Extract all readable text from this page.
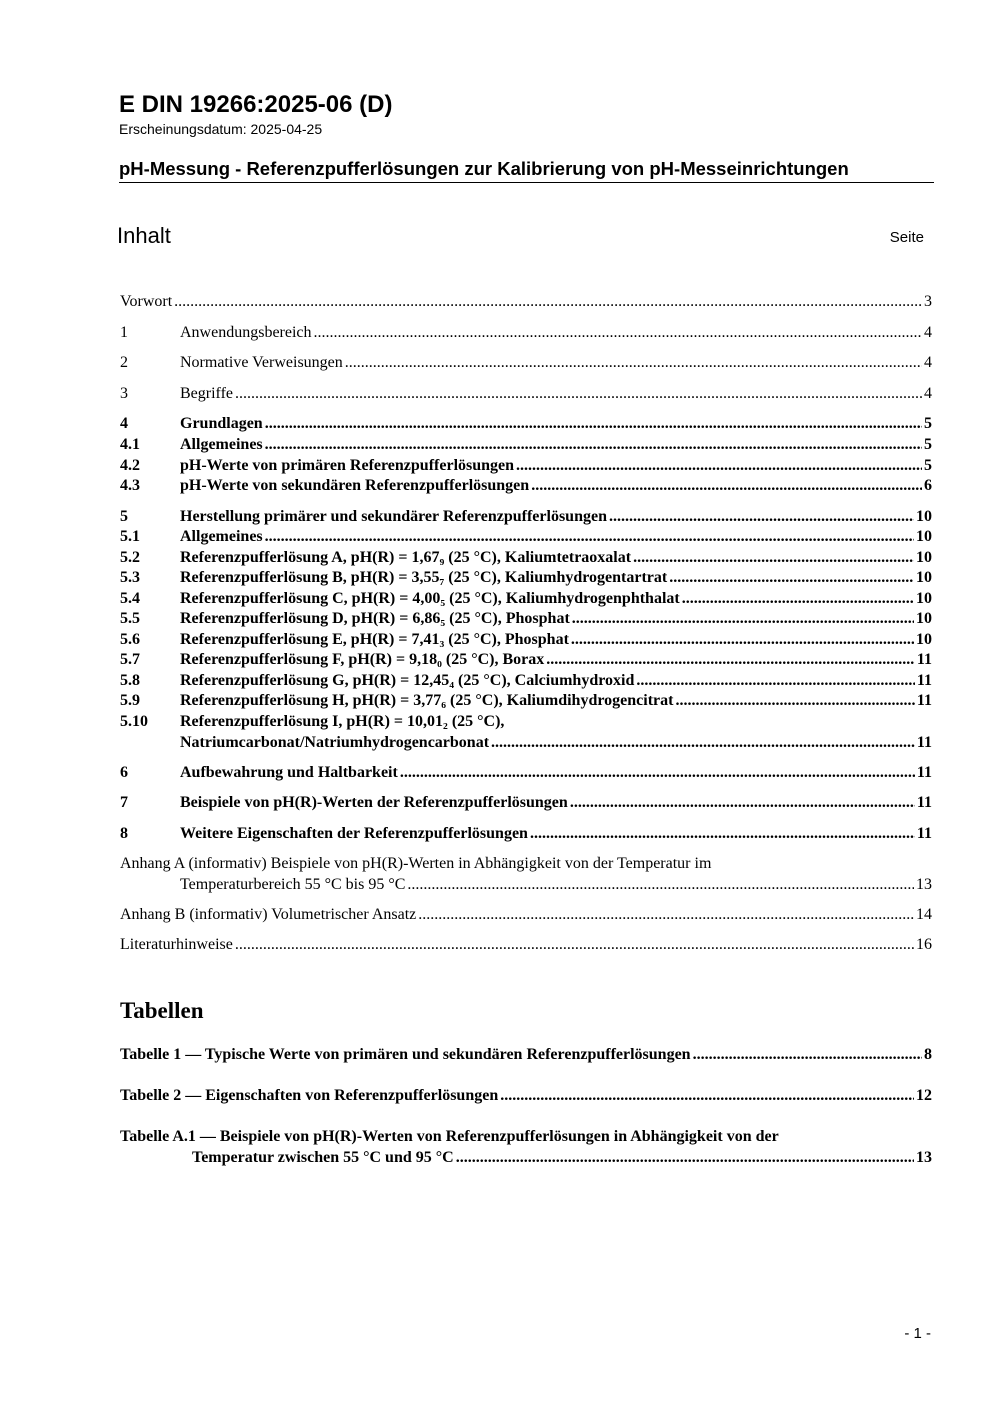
E DIN 19266:2025-06 (D)
Erscheinungsdatum: 2025-04-25
pH-Messung - Referenzpufferlösungen zur Kalibrierung von pH-Messeinrichtungen
Inhalt	Seite
Vorwort .....	3
1	Anwendungsbereich .....	4
2	Normative Verweisungen .....	4
3	Begriffe .....	4
4	Grundlagen .....	5
4.1	Allgemeines .....	5
4.2	pH-Werte von primären Referenzpufferlösungen .....	5
4.3	pH-Werte von sekundären Referenzpufferlösungen .....	6
5	Herstellung primärer und sekundärer Referenzpufferlösungen .....	10
5.1	Allgemeines .....	10
5.2	Referenzpufferlösung A, pH(R) = 1,67₉ (25 °C), Kaliumtetraoxalat .....	10
5.3	Referenzpufferlösung B, pH(R) = 3,55₇ (25 °C), Kaliumhydrogentartrat .....	10
5.4	Referenzpufferlösung C, pH(R) = 4,00₅ (25 °C), Kaliumhydrogenphthalat .....	10
5.5	Referenzpufferlösung D, pH(R) = 6,86₅ (25 °C), Phosphat .....	10
5.6	Referenzpufferlösung E, pH(R) = 7,41₃ (25 °C), Phosphat .....	10
5.7	Referenzpufferlösung F, pH(R) = 9,18₀ (25 °C), Borax .....	11
5.8	Referenzpufferlösung G, pH(R) = 12,45₄ (25 °C), Calciumhydroxid .....	11
5.9	Referenzpufferlösung H, pH(R) = 3,77₆ (25 °C), Kaliumdihydrogencitrat .....	11
5.10	Referenzpufferlösung I, pH(R) = 10,01₂ (25 °C),
Natriumcarbonat/Natriumhydrogencarbonat .....	11
6	Aufbewahrung und Haltbarkeit .....	11
7	Beispiele von pH(R)-Werten der Referenzpufferlösungen .....	11
8	Weitere Eigenschaften der Referenzpufferlösungen .....	11
Anhang A (informativ) Beispiele von pH(R)-Werten in Abhängigkeit von der Temperatur im
Temperaturbereich 55 °C bis 95 °C .....	13
Anhang B (informativ) Volumetrischer Ansatz .....	14
Literaturhinweise .....	16
Tabellen
Tabelle 1 — Typische Werte von primären und sekundären Referenzpufferlösungen .....	8
Tabelle 2 — Eigenschaften von Referenzpufferlösungen .....	12
Tabelle A.1 — Beispiele von pH(R)-Werten von Referenzpufferlösungen in Abhängigkeit von der
Temperatur zwischen 55 °C und 95 °C .....	13
- 1 -
